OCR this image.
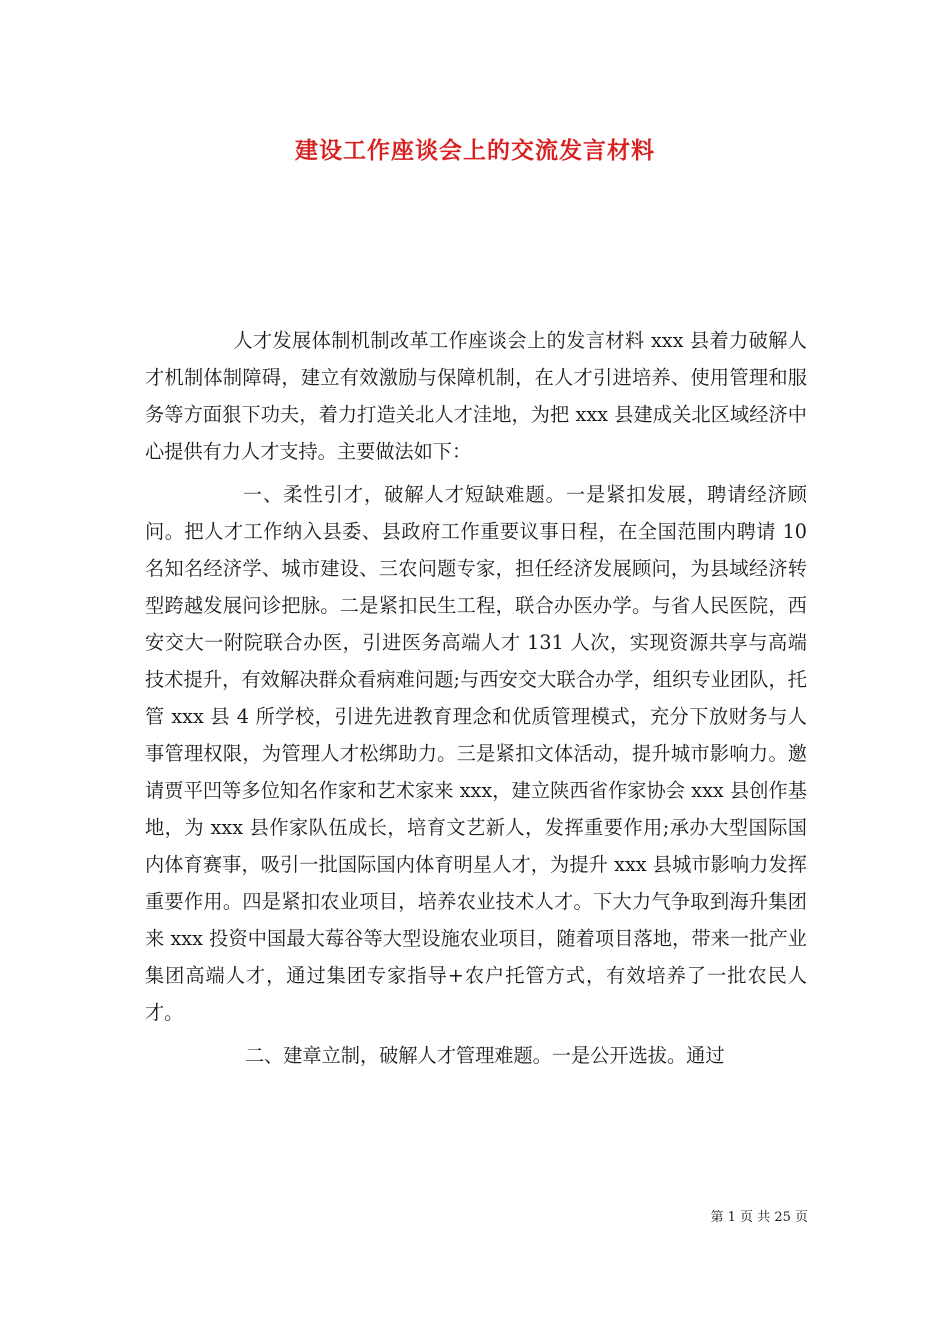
建设工作座谈会上的交流发言材料

人才发展体制机制改革工作座谈会上的发言材料 xxx 县着力破解人才机制体制障碍，建立有效激励与保障机制，在人才引进培养、使用管理和服务等方面狠下功夫，着力打造关北人才洼地，为把 xxx 县建成关北区域经济中心提供有力人才支持。主要做法如下：

一、柔性引才，破解人才短缺难题。一是紧扣发展，聘请经济顾问。把人才工作纳入县委、县政府工作重要议事日程，在全国范围内聘请 10 名知名经济学、城市建设、三农问题专家，担任经济发展顾问，为县域经济转型跨越发展问诊把脉。二是紧扣民生工程，联合办医办学。与省人民医院，西安交大一附院联合办医，引进医务高端人才 131 人次，实现资源共享与高端技术提升，有效解决群众看病难问题;与西安交大联合办学，组织专业团队，托管 xxx 县 4 所学校，引进先进教育理念和优质管理模式，充分下放财务与人事管理权限，为管理人才松绑助力。三是紧扣文体活动，提升城市影响力。邀请贾平凹等多位知名作家和艺术家来 xxx，建立陕西省作家协会 xxx 县创作基地，为 xxx 县作家队伍成长，培育文艺新人，发挥重要作用;承办大型国际国内体育赛事，吸引一批国际国内体育明星人才，为提升 xxx 县城市影响力发挥重要作用。四是紧扣农业项目，培养农业技术人才。下大力气争取到海升集团来 xxx 投资中国最大莓谷等大型设施农业项目，随着项目落地，带来一批产业集团高端人才，通过集团专家指导+农户托管方式，有效培养了一批农民人才。

二、建章立制，破解人才管理难题。一是公开选拔。通过

第 1 页 共 25 页
